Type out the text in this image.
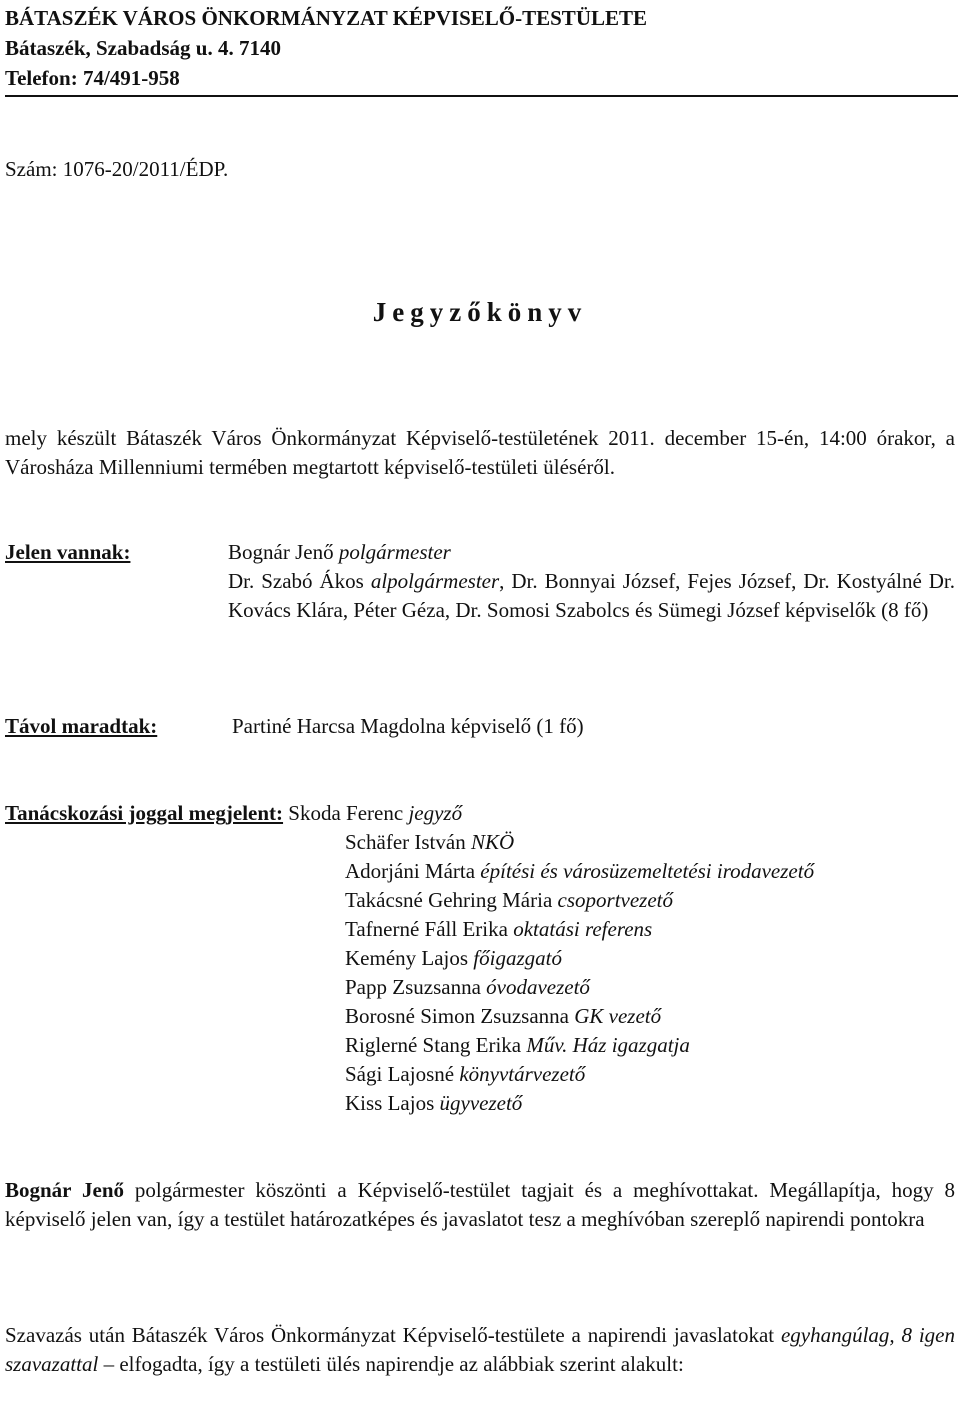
BÁTASZÉK VÁROS ÖNKORMÁNYZAT KÉPVISELŐ-TESTÜLETE
Bátaszék, Szabadság u. 4. 7140
Telefon: 74/491-958
Szám: 1076-20/2011/ÉDP.
Jegyzőkönyv
mely készült Bátaszék Város Önkormányzat Képviselő-testületének 2011. december 15-én, 14:00 órakor, a Városháza Millenniumi termében megtartott képviselő-testületi üléséről.
Jelen vannak:	Bognár Jenő polgármester
Dr. Szabó Ákos alpolgármester, Dr. Bonnyai József, Fejes József, Dr. Kostyálné Dr. Kovács Klára, Péter Géza, Dr. Somosi Szabolcs és Sümegi József képviselők (8 fő)
Távol maradtak:	Partiné Harcsa Magdolna képviselő (1 fő)
Tanácskozási joggal megjelent: Skoda Ferenc jegyző
Schäfer István NKÖ
Adorjáni Márta építési és városüzemeltetési irodavezető
Takácsné Gehring Mária csoportvezető
Tafnerné Fáll Erika oktatási referens
Kemény Lajos főigazgató
Papp Zsuzsanna óvodavezető
Borosné Simon Zsuzsanna GK vezető
Riglerné Stang Erika Műv. Ház igazgatja
Sági Lajosné könyvtárvezető
Kiss Lajos ügyvezető
Bognár Jenő polgármester köszönti a Képviselő-testület tagjait és a meghívottakat. Megállapítja, hogy 8 képviselő jelen van, így a testület határozatképes és javaslatot tesz a meghívóban szereplő napirendi pontokra
Szavazás után Bátaszék Város Önkormányzat Képviselő-testülete a napirendi javaslatokat egyhangúlag, 8 igen szavazattal – elfogadta, így a testületi ülés napirendje az alábbiak szerint alakult:
